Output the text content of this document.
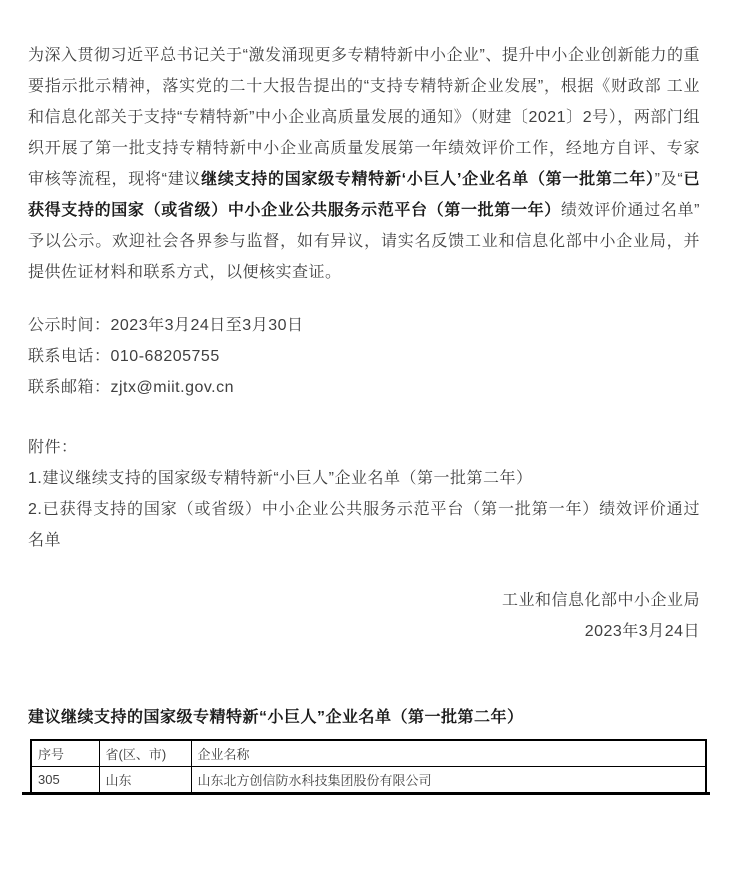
为深入贯彻习近平总书记关于“激发涌现更多专精特新中小企业”、提升中小企业创新能力的重要指示批示精神，落实党的二十大报告提出的“支持专精特新企业发展”，根据《财政部 工业和信息化部关于支持“专精特新”中小企业高质量发展的通知》（财建〔2021〕2号），两部门组织开展了第一批支持专精特新中小企业高质量发展第一年绩效评价工作，经地方自评、专家审核等流程，现将“建议继续支持的国家级专精特新‘小巨人’企业名单（第一批第二年）”及“已获得支持的国家（或省级）中小企业公共服务示范平台（第一批第一年）绩效评价通过名单”予以公示。欢迎社会各界参与监督，如有异议，请实名反馈工业和信息化部中小企业局，并提供佐证材料和联系方式，以便核实查证。

公示时间：2023年3月24日至3月30日

联系电话：010-68205755

联系邮箱：zjtx@miit.gov.cn

附件：

1.建议继续支持的国家级专精特新“小巨人”企业名单（第一批第二年）

2.已获得支持的国家（或省级）中小企业公共服务示范平台（第一批第一年）绩效评价通过名单

工业和信息化部中小企业局

2023年3月24日

建议继续支持的国家级专精特新“小巨人”企业名单（第一批第二年）

序号	省(区、市)	企业名称
305	山东	山东北方创信防水科技集团股份有限公司
